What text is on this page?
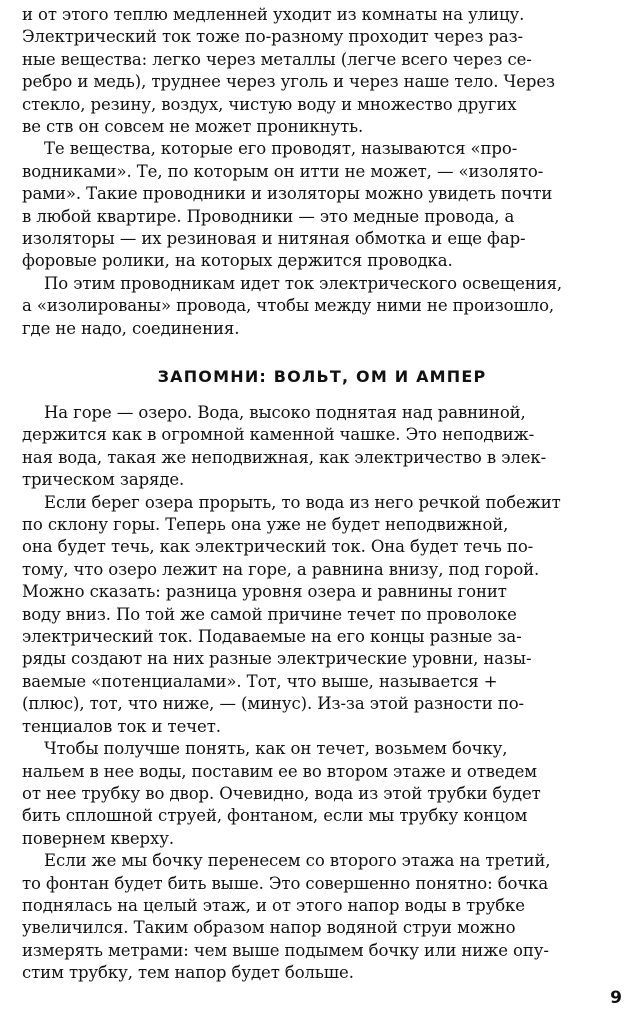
и от этого теплю медленней уходит из комнаты на улицу.
Электрический ток тоже по-разному проходит через раз-
ные вещества: легко через металлы (легче всего через се-
ребро и медь), труднее через уголь и через наше тело. Через
стекло, резину, воздух, чистую воду и множество других
ве ств он совсем не может проникнуть.
Те вещества, которые его проводят, называются «про-
водниками». Те, по которым он итти не может, — «изолято-
рами». Такие проводники и изоляторы можно увидеть почти
в любой квартире. Проводники — это медные провода, а
изоляторы — их резиновая и нитяная обмотка и еще фар-
форовые ролики, на которых держится проводка.
По этим проводникам идет ток электрического освещения,
а «изолированы» провода, чтобы между ними не произошло,
где не надо, соединения.
ЗАПОМНИ: ВОЛЬТ, ОМ И АМПЕР
На горе — озеро. Вода, высоко поднятая над равниной,
держится как в огромной каменной чашке. Это неподвиж-
ная вода, такая же неподвижная, как электричество в элек-
трическом заряде.
Если берег озера прорыть, то вода из него речкой побежит
по склону горы. Теперь она уже не будет неподвижной,
она будет течь, как электрический ток. Она будет течь по-
тому, что озеро лежит на горе, а равнина внизу, под горой.
Можно сказать: разница уровня озера и равнины гонит
воду вниз. По той же самой причине течет по проволоке
электрический ток. Подаваемые на его концы разные за-
ряды создают на них разные электрические уровни, назы-
ваемые «потенциалами». Тот, что выше, называется +
(плюс), тот, что ниже, — (минус). Из-за этой разности по-
тенциалов ток и течет.
Чтобы получше понять, как он течет, возьмем бочку,
нальем в нее воды, поставим ее во втором этаже и отведем
от нее трубку во двор. Очевидно, вода из этой трубки будет
бить сплошной струей, фонтаном, если мы трубку концом
повернем кверху.
Если же мы бочку перенесем со второго этажа на третий,
то фонтан будет бить выше. Это совершенно понятно: бочка
поднялась на целый этаж, и от этого напор воды в трубке
увеличился. Таким образом напор водяной струи можно
измерять метрами: чем выше подымем бочку или ниже опу-
стим трубку, тем напор будет больше.
9
